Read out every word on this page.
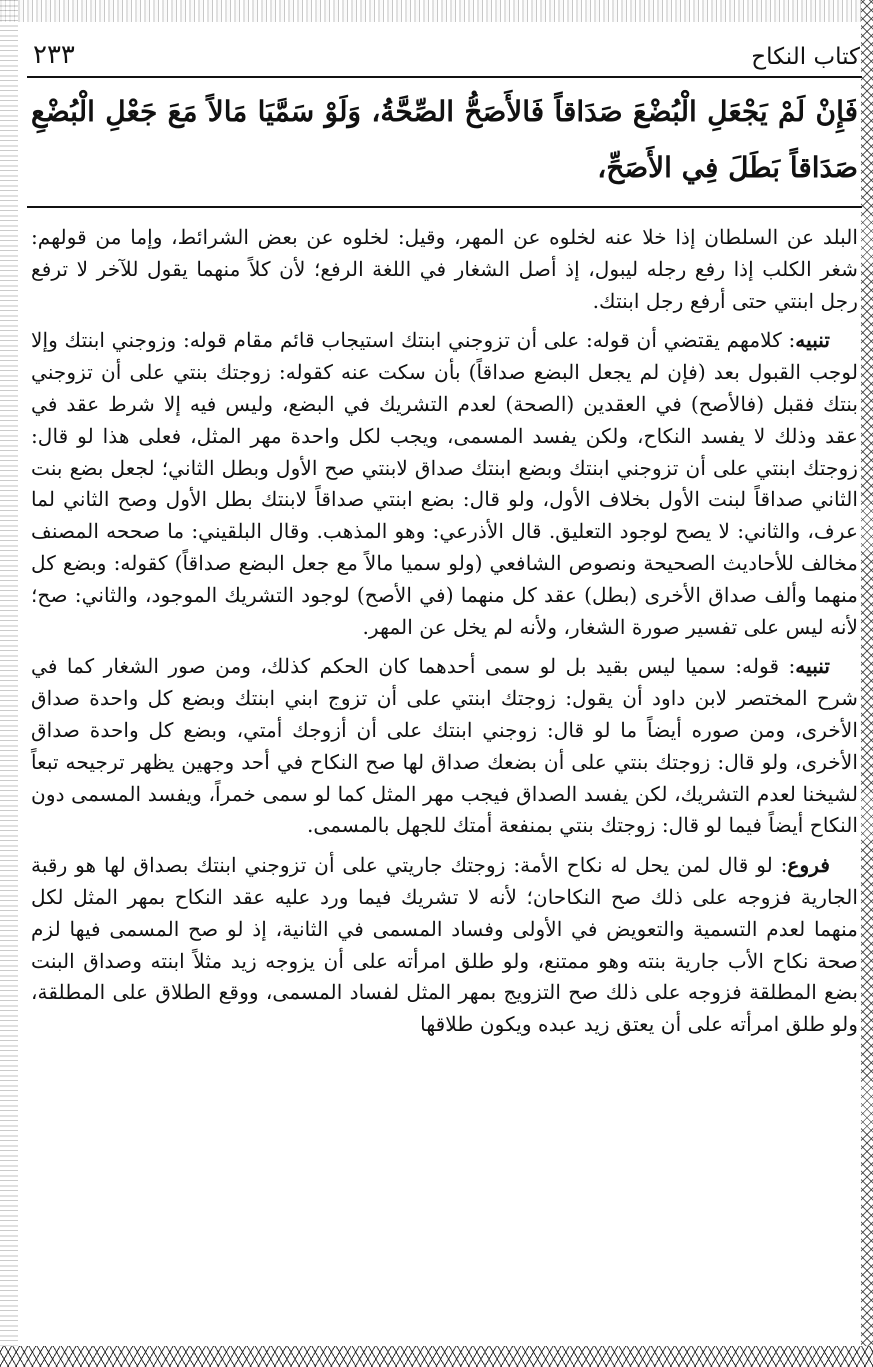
كتاب النكاح
٢٣٣
فَإِنْ لَمْ يَجْعَلِ الْبُضْعَ صَدَاقاً فَالأَصَحُّ الصِّحَّةُ، وَلَوْ سَمَّيَا مَالاً مَعَ جَعْلِ الْبُضْعِ صَدَاقاً بَطَلَ فِي الأَصَحِّ،

البلد عن السلطان إذا خلا عنه لخلوه عن المهر، وقيل: لخلوه عن بعض الشرائط، وإما من قولهم: شغر الكلب إذا رفع رجله ليبول، إذ أصل الشغار في اللغة الرفع؛ لأن كلاً منهما يقول للآخر لا ترفع رجل ابنتي حتى أرفع رجل ابنتك.

تنبيه: كلامهم يقتضي أن قوله: على أن تزوجني ابنتك استيجاب قائم مقام قوله: وزوجني ابنتك وإلا لوجب القبول بعد (فإن لم يجعل البضع صداقاً) بأن سكت عنه كقوله: زوجتك بنتي على أن تزوجني بنتك فقبل (فالأصح) في العقدين (الصحة) لعدم التشريك في البضع، وليس فيه إلا شرط عقد في عقد وذلك لا يفسد النكاح، ولكن يفسد المسمى، ويجب لكل واحدة مهر المثل، فعلى هذا لو قال: زوجتك ابنتي على أن تزوجني ابنتك وبضع ابنتك صداق لابنتي صح الأول وبطل الثاني؛ لجعل بضع بنت الثاني صداقاً لبنت الأول بخلاف الأول، ولو قال: بضع ابنتي صداقاً لابنتك بطل الأول وصح الثاني لما عرف، والثاني: لا يصح لوجود التعليق. قال الأذرعي: وهو المذهب. وقال البلقيني: ما صححه المصنف مخالف للأحاديث الصحيحة ونصوص الشافعي (ولو سميا مالاً مع جعل البضع صداقاً) كقوله: وبضع كل منهما وألف صداق الأخرى (بطل) عقد كل منهما (في الأصح) لوجود التشريك الموجود، والثاني: صح؛ لأنه ليس على تفسير صورة الشغار، ولأنه لم يخل عن المهر.

تنبيه: قوله: سميا ليس بقيد بل لو سمى أحدهما كان الحكم كذلك، ومن صور الشغار كما في شرح المختصر لابن داود أن يقول: زوجتك ابنتي على أن تزوج ابني ابنتك وبضع كل واحدة صداق الأخرى، ومن صوره أيضاً ما لو قال: زوجني ابنتك على أن أزوجك أمتي، وبضع كل واحدة صداق الأخرى، ولو قال: زوجتك بنتي على أن بضعك صداق لها صح النكاح في أحد وجهين يظهر ترجيحه تبعاً لشيخنا لعدم التشريك، لكن يفسد الصداق فيجب مهر المثل كما لو سمى خمراً، ويفسد المسمى دون النكاح أيضاً فيما لو قال: زوجتك بنتي بمنفعة أمتك للجهل بالمسمى.

فروع: لو قال لمن يحل له نكاح الأمة: زوجتك جاريتي على أن تزوجني ابنتك بصداق لها هو رقبة الجارية فزوجه على ذلك صح النكاحان؛ لأنه لا تشريك فيما ورد عليه عقد النكاح بمهر المثل لكل منهما لعدم التسمية والتعويض في الأولى وفساد المسمى في الثانية، إذ لو صح المسمى فيها لزم صحة نكاح الأب جارية بنته وهو ممتنع، ولو طلق امرأته على أن يزوجه زيد مثلاً ابنته وصداق البنت بضع المطلقة فزوجه على ذلك صح التزويج بمهر المثل لفساد المسمى، ووقع الطلاق على المطلقة، ولو طلق امرأته على أن يعتق زيد عبده ويكون طلاقها
